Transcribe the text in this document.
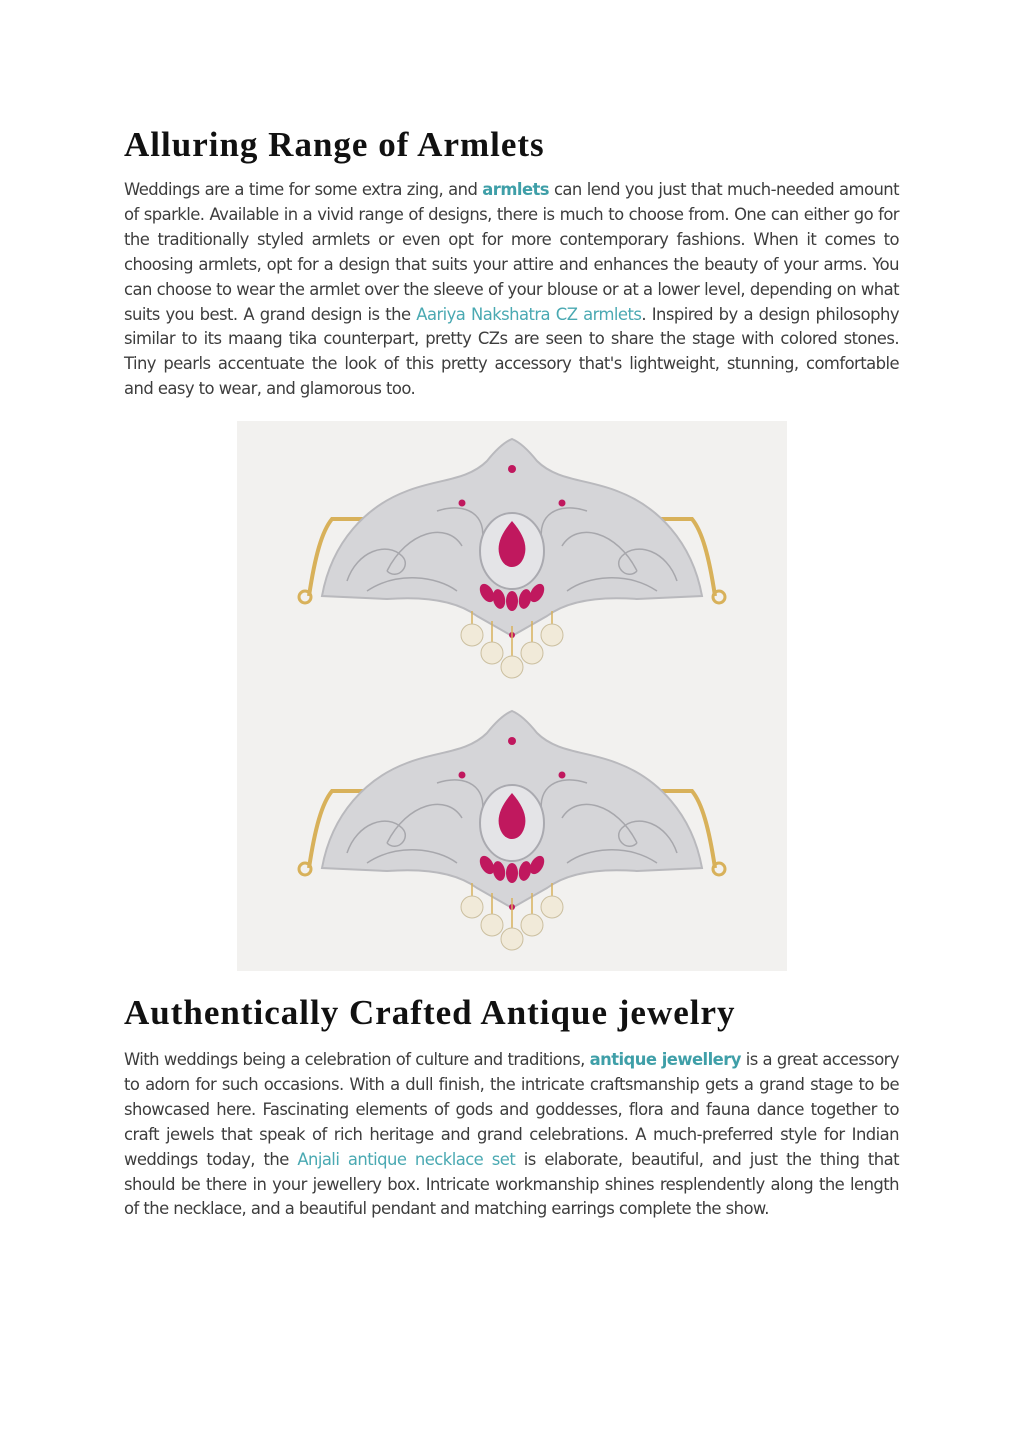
Alluring Range of Armlets

Weddings are a time for some extra zing, and armlets can lend you just that much-needed amount of sparkle. Available in a vivid range of designs, there is much to choose from. One can either go for the traditionally styled armlets or even opt for more contemporary fashions. When it comes to choosing armlets, opt for a design that suits your attire and enhances the beauty of your arms. You can choose to wear the armlet over the sleeve of your blouse or at a lower level, depending on what suits you best. A grand design is the Aariya Nakshatra CZ armlets. Inspired by a design philosophy similar to its maang tika counterpart, pretty CZs are seen to share the stage with colored stones. Tiny pearls accentuate the look of this pretty accessory that's lightweight, stunning, comfortable and easy to wear, and glamorous too.

Authentically Crafted Antique jewelry

With weddings being a celebration of culture and traditions, antique jewellery is a great accessory to adorn for such occasions. With a dull finish, the intricate craftsmanship gets a grand stage to be showcased here. Fascinating elements of gods and goddesses, flora and fauna dance together to craft jewels that speak of rich heritage and grand celebrations. A much-preferred style for Indian weddings today, the Anjali antique necklace set is elaborate, beautiful, and just the thing that should be there in your jewellery box. Intricate workmanship shines resplendently along the length of the necklace, and a beautiful pendant and matching earrings complete the show.
